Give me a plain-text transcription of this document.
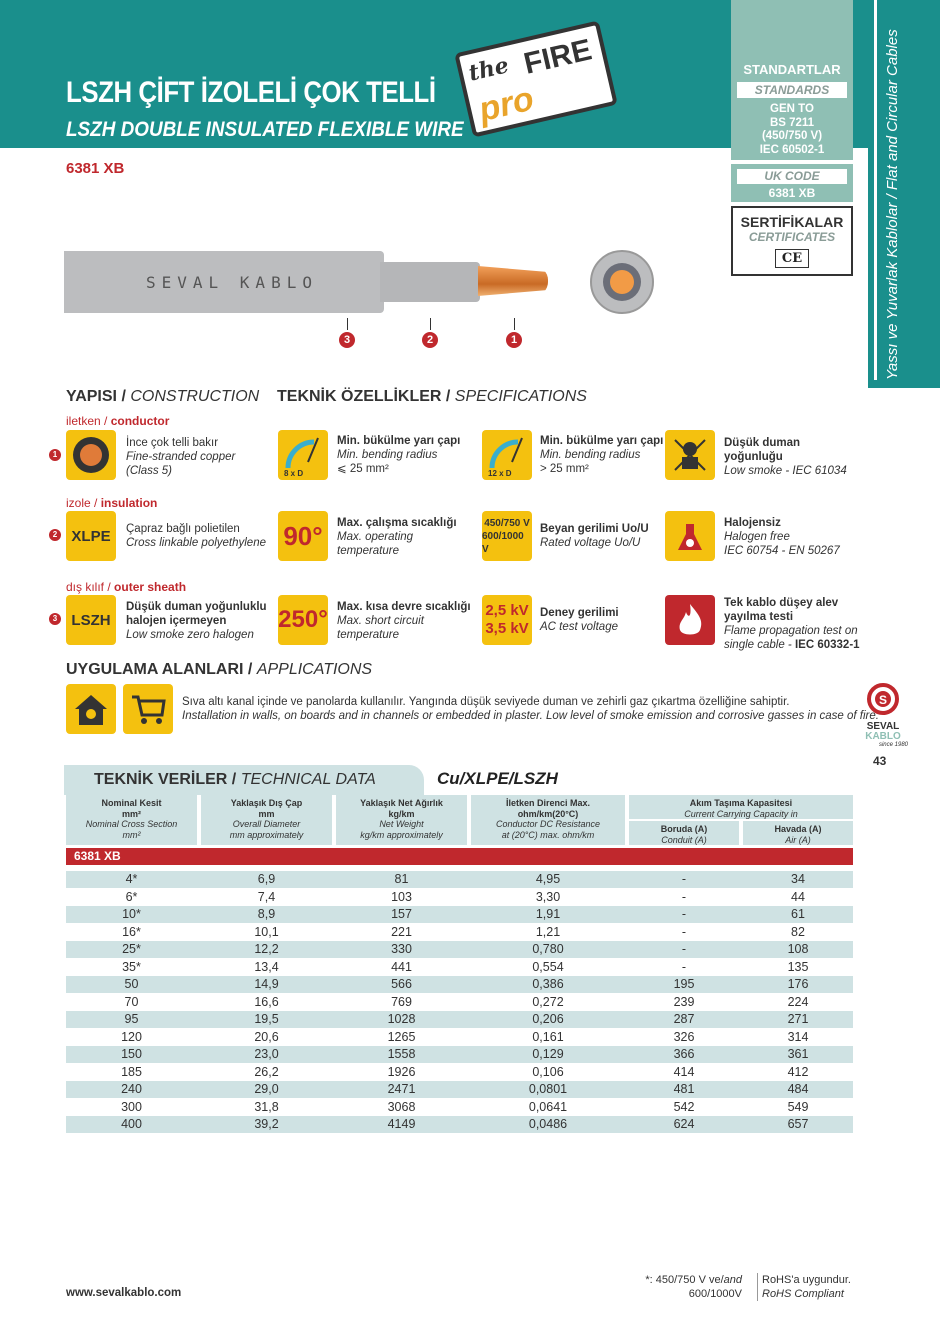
Yassı ve Yuvarlak Kablolar / Flat and Circular Cables
LSZH ÇİFT İZOLELİ ÇOK TELLİ
LSZH DOUBLE INSULATED FLEXIBLE WIRE
6381 XB
the
pro
FIRE	STANDARTLAR
STANDARDS
GEN TO
BS 7211
(450/750 V)
IEC 60502-1
UK CODE
6381 XB
SERTİFİKALAR
CERTIFICATES
CE
SEVAL KABLO
3	2	1
YAPISI / CONSTRUCTION TEKNİK ÖZELLİKLER / SPECIFICATIONS
iletken / conductor
1
İnce çok telli bakır
Fine-stranded copper
(Class 5)
izole / insulation
2 XLPE	Çapraz bağlı polietilen
Cross linkable polyethylene
dış kılıf / outer sheath
3 LSZH
Düşük duman yoğunluklu
halojen içermeyen
Low smoke zero halogen
8 x D
Min. bükülme yarı çapı
Min. bending radius
⩽ 25 mm²
90°	Max. çalışma sıcaklığı
Max. operating
temperature
250° Max. kısa devre sıcaklığı
Max. short circuit
temperature
12 x D
Min. bükülme yarı çapı
Min. bending radius
> 25 mm²
450/750 V
600/1000 V
Beyan gerilimi Uo/U
Rated voltage Uo/U
2,5 kV
3,5 kV
Deney gerilimi
AC test voltage
Düşük duman
yoğunluğu
Low smoke - IEC 61034
Halojensiz
Halogen free
IEC 60754 - EN 50267
Tek kablo düşey alev
yayılma testi
Flame propagation test on
single cable - IEC 60332-1
UYGULAMA ALANLARI / APPLICATIONS
Sıva altı kanal içinde ve panolarda kullanılır. Yangında düşük seviyede duman ve zehirli gaz çıkartma özelliğine sahiptir.
Installation in walls, on boards and in channels or embedded in plaster. Low level of smoke emission and corrosive gasses in case of fire.
S
SEVAL
KABLO
since 1980
43
TEKNİK VERİLER / TECHNICAL DATA	Cu/XLPE/LSZH
Nominal Kesit
mm²
Nominal Cross Section
mm²
Yaklaşık Dış Çap
mm
Overall Diameter
mm approximately
Yaklaşık Net Ağırlık
kg/km
Net Weight
kg/km approximately
İletken Direnci Max.
ohm/km(20°C)
Conductor DC Resistance
at (20°C) max. ohm/km
Akım Taşıma Kapasitesi
Current Carrying Capacity in
Boruda (A)
Conduit (A)
Havada (A)
Air (A)
6381 XB
4*	6,9	81	4,95	-	34
6*	7,4	103	3,30	-	44
10*	8,9	157	1,91	-	61
16*	10,1	221	1,21	-	82
25*	12,2	330	0,780	-	108
35*	13,4	441	0,554	-	135
50	14,9	566	0,386	195	176
70	16,6	769	0,272	239	224
95	19,5	1028	0,206	287	271
120	20,6	1265	0,161	326	314
150	23,0	1558	0,129	366	361
185	26,2	1926	0,106	414	412
240	29,0	2471	0,0801	481	484
300	31,8	3068	0,0641	542	549
400	39,2	4149	0,0486	624	657
www.sevalkablo.com
*: 450/750 V ve/and
600/1000V
RoHS'a uygundur.
RoHS Compliant
